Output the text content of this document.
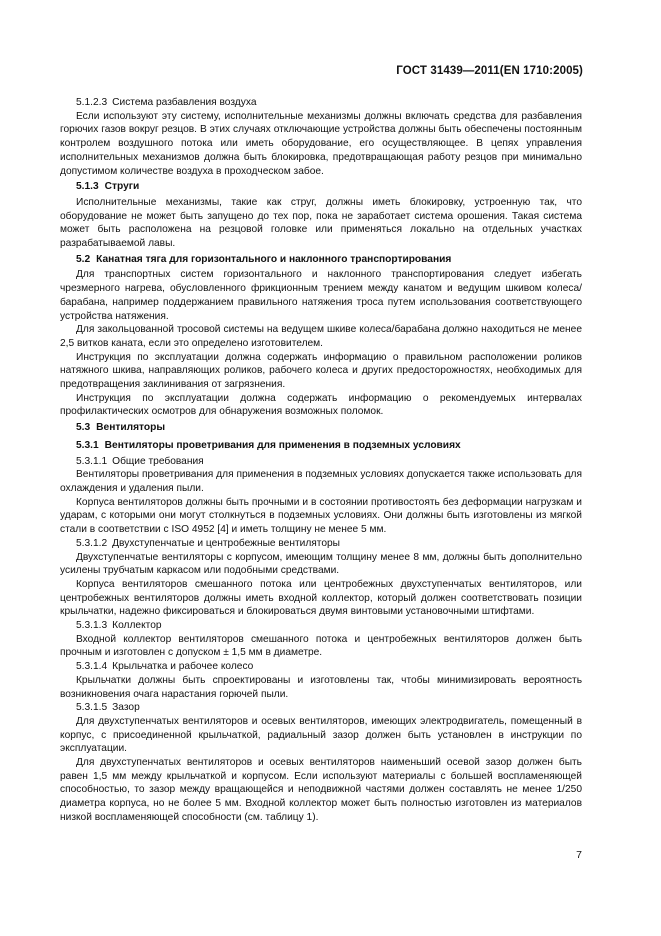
ГОСТ 31439—2011(EN 1710:2005)

5.1.2.3 Система разбавления воздуха

Если используют эту систему, исполнительные механизмы должны включать средства для разбавления горючих газов вокруг резцов. В этих случаях отключающие устройства должны быть обеспечены постоянным контролем воздушного потока или иметь оборудование, его осуществляющее. В цепях управления исполнительных механизмов должна быть блокировка, предотвращающая работу резцов при минимально допустимом количестве воздуха в проходческом забое.

5.1.3 Струги

Исполнительные механизмы, такие как струг, должны иметь блокировку, устроенную так, что оборудование не может быть запущено до тех пор, пока не заработает система орошения. Такая система может быть расположена на резцовой головке или применяться локально на отдельных участках разрабатываемой лавы.

5.2 Канатная тяга для горизонтального и наклонного транспортирования

Для транспортных систем горизонтального и наклонного транспортирования следует избегать чрезмерного нагрева, обусловленного фрикционным трением между канатом и ведущим шкивом колеса/барабана, например поддержанием правильного натяжения троса путем использования соответствующего устройства натяжения.

Для закольцованной тросовой системы на ведущем шкиве колеса/барабана должно находиться не менее 2,5 витков каната, если это определено изготовителем.

Инструкция по эксплуатации должна содержать информацию о правильном расположении роликов натяжного шкива, направляющих роликов, рабочего колеса и других предосторожностях, необходимых для предотвращения заклинивания от загрязнения.

Инструкция по эксплуатации должна содержать информацию о рекомендуемых интервалах профилактических осмотров для обнаружения возможных поломок.

5.3 Вентиляторы

5.3.1 Вентиляторы проветривания для применения в подземных условиях

5.3.1.1 Общие требования

Вентиляторы проветривания для применения в подземных условиях допускается также использовать для охлаждения и удаления пыли.

Корпуса вентиляторов должны быть прочными и в состоянии противостоять без деформации нагрузкам и ударам, с которыми они могут столкнуться в подземных условиях. Они должны быть изготовлены из мягкой стали в соответствии с ISO 4952 [4] и иметь толщину не менее 5 мм.

5.3.1.2 Двухступенчатые и центробежные вентиляторы

Двухступенчатые вентиляторы с корпусом, имеющим толщину менее 8 мм, должны быть дополнительно усилены трубчатым каркасом или подобными средствами.

Корпуса вентиляторов смешанного потока или центробежных двухступенчатых вентиляторов, или центробежных вентиляторов должны иметь входной коллектор, который должен соответствовать позиции крыльчатки, надежно фиксироваться и блокироваться двумя винтовыми установочными штифтами.

5.3.1.3 Коллектор

Входной коллектор вентиляторов смешанного потока и центробежных вентиляторов должен быть прочным и изготовлен с допуском ± 1,5 мм в диаметре.

5.3.1.4 Крыльчатка и рабочее колесо

Крыльчатки должны быть спроектированы и изготовлены так, чтобы минимизировать вероятность возникновения очага нарастания горючей пыли.

5.3.1.5 Зазор

Для двухступенчатых вентиляторов и осевых вентиляторов, имеющих электродвигатель, помещенный в корпус, с присоединенной крыльчаткой, радиальный зазор должен быть установлен в инструкции по эксплуатации.

Для двухступенчатых вентиляторов и осевых вентиляторов наименьший осевой зазор должен быть равен 1,5 мм между крыльчаткой и корпусом. Если используют материалы с большей воспламеняющей способностью, то зазор между вращающейся и неподвижной частями должен составлять не менее 1/250 диаметра корпуса, но не более 5 мм. Входной коллектор может быть полностью изготовлен из материалов низкой воспламеняющей способности (см. таблицу 1).

7
